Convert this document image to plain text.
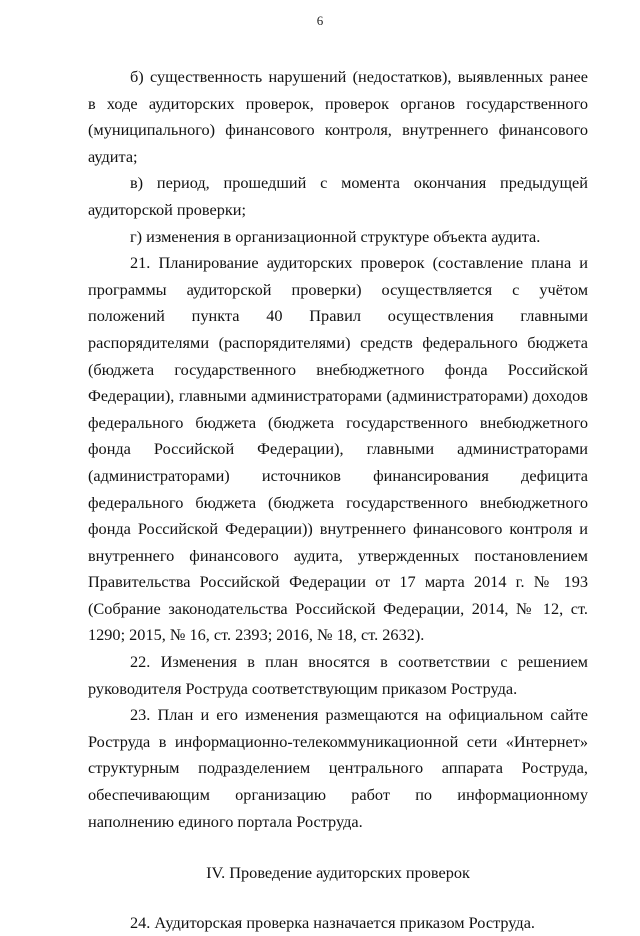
6

б) существенность нарушений (недостатков), выявленных ранее в ходе аудиторских проверок, проверок органов государственного (муниципального) финансового контроля, внутреннего финансового аудита;

в) период, прошедший с момента окончания предыдущей аудиторской проверки;

г) изменения в организационной структуре объекта аудита.

21. Планирование аудиторских проверок (составление плана и программы аудиторской проверки) осуществляется с учётом положений пункта 40 Правил осуществления главными распорядителями (распорядителями) средств федерального бюджета (бюджета государственного внебюджетного фонда Российской Федерации), главными администраторами (администраторами) доходов федерального бюджета (бюджета государственного внебюджетного фонда Российской Федерации), главными администраторами (администраторами) источников финансирования дефицита федерального бюджета (бюджета государственного внебюджетного фонда Российской Федерации)) внутреннего финансового контроля и внутреннего финансового аудита, утвержденных постановлением Правительства Российской Федерации от 17 марта 2014 г. № 193 (Собрание законодательства Российской Федерации, 2014, № 12, ст. 1290; 2015, № 16, ст. 2393; 2016, № 18, ст. 2632).

22. Изменения в план вносятся в соответствии с решением руководителя Роструда соответствующим приказом Роструда.

23. План и его изменения размещаются на официальном сайте Роструда в информационно-телекоммуникационной сети «Интернет» структурным подразделением центрального аппарата Роструда, обеспечивающим организацию работ по информационному наполнению единого портала Роструда.

IV. Проведение аудиторских проверок

24. Аудиторская проверка назначается приказом Роструда.
